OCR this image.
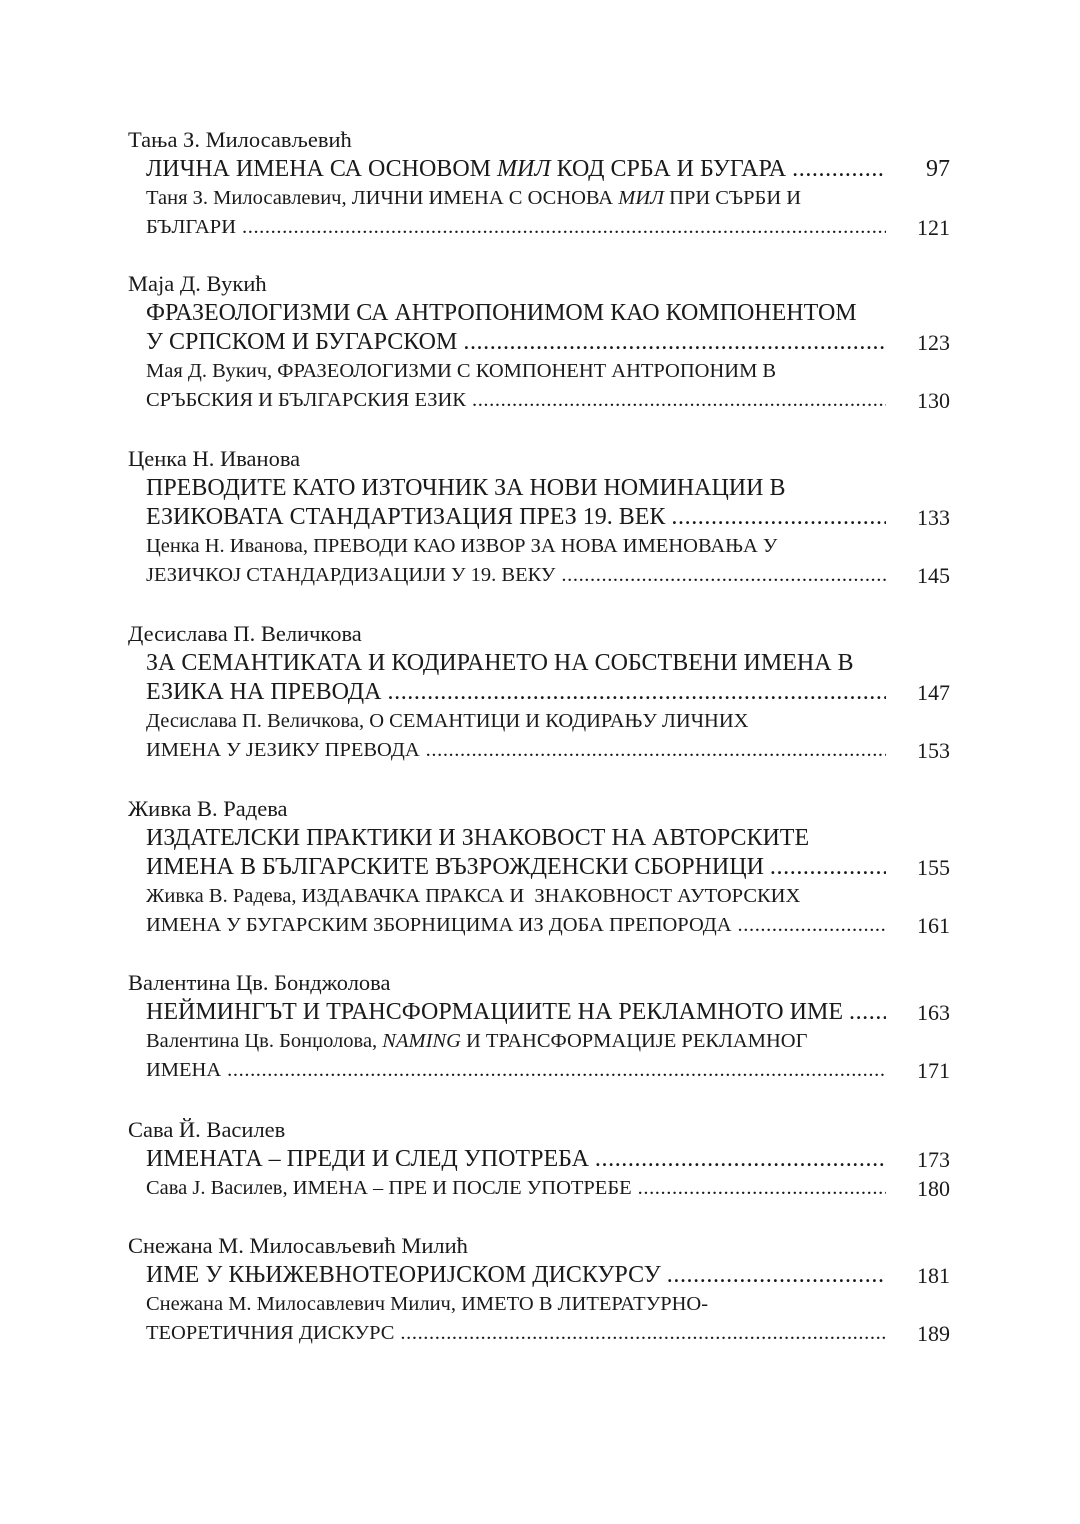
Тања З. Милосављевић
ЛИЧНА ИМЕНА СА ОСНОВОМ МИЛ КОД СРБА И БУГАРА .....	97
Таня З. Милосавлевич, ЛИЧНИ ИМЕНА С ОСНОВА МИЛ ПРИ СЪРБИ И
БЪЛГАРИ .....	121
Маја Д. Вукић
ФРАЗЕОЛОГИЗМИ СА АНТРОПОНИМОМ КАО КОМПОНЕНТОМ
У СРПСКОМ И БУГАРСКОМ .....	123
Мая Д. Вукич, ФРАЗЕОЛОГИЗМИ С КОМПОНЕНТ АНТРОПОНИМ В
СРЪБСКИЯ И БЪЛГАРСКИЯ ЕЗИК .....	130
Ценка Н. Иванова
ПРЕВОДИТЕ КАТО ИЗТОЧНИК ЗА НОВИ НОМИНАЦИИ В
ЕЗИКОВАТА СТАНДАРТИЗАЦИЯ ПРЕЗ 19. ВЕК .....	133
Ценка Н. Иванова, ПРЕВОДИ КАО ИЗВОР ЗА НОВА ИМЕНОВАЊА У
ЈЕЗИЧКОЈ СТАНДАРДИЗАЦИЈИ У 19. ВЕКУ .....	145
Десислава П. Величкова
ЗА СЕМАНТИКАТА И КОДИРАНЕТО НА СОБСТВЕНИ ИМЕНА В
ЕЗИКА НА ПРЕВОДА .....	147
Десислава П. Величкова, О СЕМАНТИЦИ И КОДИРАЊУ ЛИЧНИХ
ИМЕНА У ЈЕЗИКУ ПРЕВОДА .....	153
Живка В. Радева
ИЗДАТЕЛСКИ ПРАКТИКИ И ЗНАКОВОСТ НА АВТОРСКИТЕ
ИМЕНА В БЪЛГАРСКИТЕ ВЪЗРОЖДЕНСКИ СБОРНИЦИ .....	155
Живка В. Радева, ИЗДАВАЧКА ПРАКСА И  ЗНАКОВНОСТ АУТОРСКИХ
ИМЕНА У БУГАРСКИМ ЗБОРНИЦИМА ИЗ ДОБА ПРЕПОРОДА .....	161
Валентина Цв. Бонджолова
НЕЙМИНГЪТ И ТРАНСФОРМАЦИИТЕ НА РЕКЛАМНОТО ИМЕ .....	163
Валентина Цв. Бонџолова, NAMING И ТРАНСФОРМАЦИЈЕ РЕКЛАМНОГ
ИМЕНА .....	171
Сава Й. Василев
ИМЕНАТА – ПРЕДИ И СЛЕД УПОТРЕБА .....	173
Сава Ј. Василев, ИМЕНА – ПРЕ И ПОСЛЕ УПОТРЕБЕ .....	180
Снежана М. Милосављевић Милић
ИМЕ У КЊИЖЕВНОТЕОРИЈСКОМ ДИСКУРСУ .....	181
Снежана М. Милосавлевич Милич, ИМЕТО В ЛИТЕРАТУРНО-
ТЕОРЕТИЧНИЯ ДИСКУРС .....	189
